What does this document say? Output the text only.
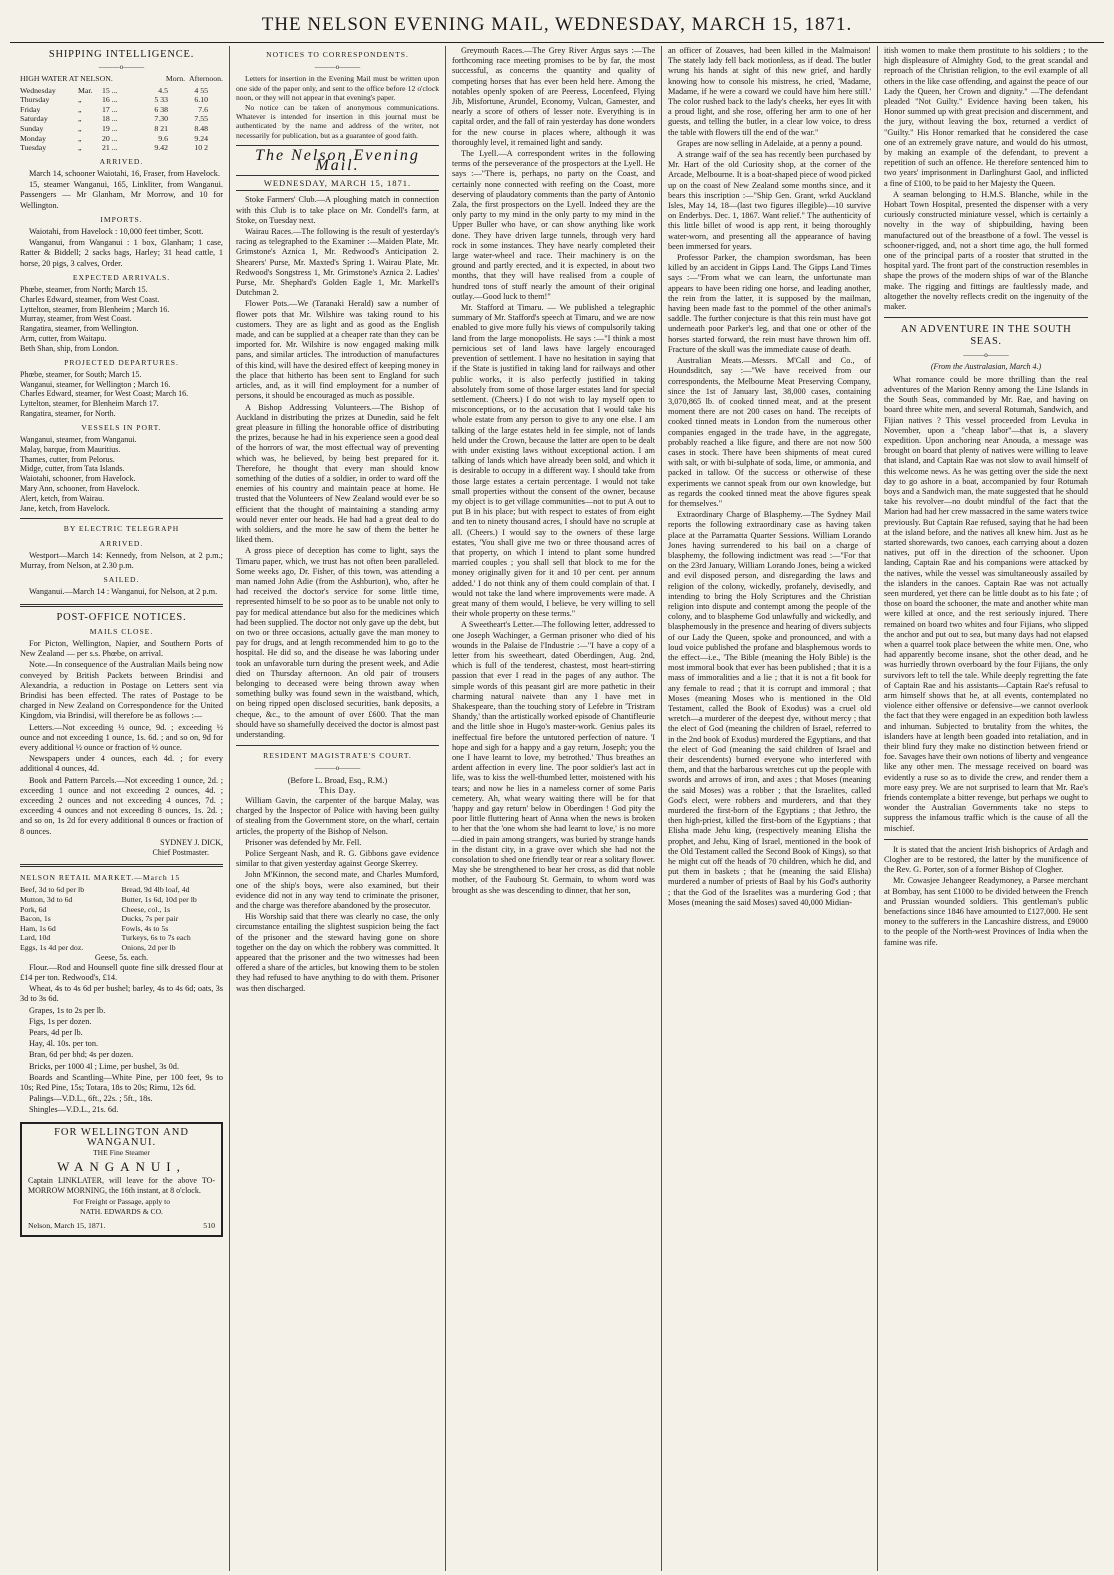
THE NELSON EVENING MAIL, WEDNESDAY, MARCH 15, 1871.
SHIPPING INTELLIGENCE.
———o———
HIGH WATER AT NELSON.	Morn. Afternoon.
Wednesday	Mar.	15 ...	4.5	4 55
Thursday	„	16 ...	5 33	6.10
Friday	„	17 ...	6 38	7.6
Saturday	„	18 ...	7.30	7.55
Sunday	„	19 ...	8 21	8.48
Monday	„	20 ...	9.6	9.24
Tuesday	„	21 ...	9.42	10 2
ARRIVED.

March 14, schooner Waiotahi, 16, Fraser, from Havelock.

15, steamer Wanganui, 165, Linkliter, from Wanganui. Passengers — Mr Glanham, Mr Morrow, and 10 for Wellington.

IMPORTS.

Waiotahi, from Havelock : 10,000 feet timber, Scott.

Wanganui, from Wanganui : 1 box, Glanham; 1 case, Ratter & Biddell; 2 sacks bags, Harley; 31 head cattle, 1 horse, 20 pigs, 3 calves, Order.

EXPECTED ARRIVALS.
Phœbe, steamer, from North; March 15.
Charles Edward, steamer, from West Coast.
Lyttelton, steamer, from Blenheim ; March 16.
Murray, steamer, from West Coast.
Rangatira, steamer, from Wellington.
Arm, cutter, from Waitapu.
Beth Shan, ship, from London.
PROJECTED DEPARTURES.
Phœbe, steamer, for South; March 15.
Wanganui, steamer, for Wellington ; March 16.
Charles Edward, steamer, for West Coast; March 16.
Lyttelton, steamer, for Blenheim March 17.
Rangatira, steamer, for North.
VESSELS IN PORT.
Wanganui, steamer, from Wanganui.
Malay, barque, from Mauritius.
Thames, cutter, from Pelorus.
Midge, cutter, from Tata Islands.
Waiotahi, schooner, from Havelock.
Mary Ann, schooner, from Havelock.
Alert, ketch, from Wairau.
Jane, ketch, from Havelock.
BY ELECTRIC TELEGRAPH
ARRIVED.

Westport—March 14: Kennedy, from Nelson, at 2 p.m.; Murray, from Nelson, at 2.30 p.m.

SAILED.

Wanganui.—March 14 : Wanganui, for Nelson, at 2 p.m.

POST-OFFICE NOTICES.
MAILS CLOSE.

For Picton, Wellington, Napier, and Southern Ports of New Zealand — per s.s. Phœbe, on arrival.

Note.—In consequence of the Australian Mails being now conveyed by British Packets between Brindisi and Alexandria, a reduction in Postage on Letters sent via Brindisi has been effected. The rates of Postage to be charged in New Zealand on Correspondence for the United Kingdom, via Brindisi, will therefore be as follows :—

Letters.—Not exceeding ½ ounce, 9d. ; exceeding ½ ounce and not exceeding 1 ounce, 1s. 6d. ; and so on, 9d for every additional ½ ounce or fraction of ½ ounce.

Newspapers under 4 ounces, each 4d. ; for every additional 4 ounces, 4d.

Book and Pattern Parcels.—Not exceeding 1 ounce, 2d. ; exceeding 1 ounce and not exceeding 2 ounces, 4d. ; exceeding 2 ounces and not exceeding 4 ounces, 7d. ; exceeding 4 ounces and not exceeding 8 ounces, 1s. 2d. ; and so on, 1s 2d for every additional 8 ounces or fraction of 8 ounces.

SYDNEY J. DICK,
Chief Postmaster.
NELSON RETAIL MARKET.—March 15
Beef, 3d to 6d per lb	Bread, 9d 4lb loaf, 4d
Mutton, 3d to 6d	Butter, 1s 6d, 10d per lb
Pork, 6d	Cheese, col., 1s
Bacon, 1s	Ducks, 7s per pair
Ham, 1s 6d	Fowls, 4s to 5s
Lard, 10d	Turkeys, 6s to 7s each
Eggs, 1s 4d per doz.	Onions, 2d per lb
Geese, 5s. each.

Flour.—Rod and Hounsell quote fine silk dressed flour at £14 per ton. Redwood's, £14.

Wheat, 4s to 4s 6d per bushel; barley, 4s to 4s 6d; oats, 3s 3d to 3s 6d.

Grapes, 1s to 2s per lb.

Figs, 1s per dozen.

Pears, 4d per lb.

Hay, 4l. 10s. per ton.

Bran, 6d per bhd; 4s per dozen.

Bricks, per 1000 4l ; Lime, per bushel, 3s 0d.

Boards and Scantling—White Pine, per 100 feet, 9s to 10s; Red Pine, 15s; Totara, 18s to 20s; Rimu, 12s 6d.

Palings—V.D.L., 6ft., 22s. ; 5ft., 18s.

Shingles—V.D.L., 21s. 6d.

FOR WELLINGTON AND WANGANUI.
THE Fine Steamer
WANGANUI,

Captain LINKLATER, will leave for the above TO-MORROW MORNING, the 16th instant, at 8 o'clock.

For Freight or Passage, apply to
NATH. EDWARDS & CO.
Nelson, March 15, 1871.	510
NOTICES TO CORRESPONDENTS.
———o———

Letters for insertion in the Evening Mail must be written upon one side of the paper only, and sent to the office before 12 o'clock noon, or they will not appear in that evening's paper.

No notice can be taken of anonymous communications. Whatever is intended for insertion in this journal must be authenticated by the name and address of the writer, not necessarily for publication, but as a guarantee of good faith.

The Nelson Evening Mail.
WEDNESDAY, MARCH 15, 1871.

Stoke Farmers' Club.—A ploughing match in connection with this Club is to take place on Mr. Condell's farm, at Stoke, on Tuesday next.

Wairau Races.—The following is the result of yesterday's racing as telegraphed to the Examiner :—Maiden Plate, Mr. Grimstone's Aznica 1, Mr. Redwood's Anticipation 2. Shearers' Purse, Mr. Maxted's Spring 1. Wairau Plate, Mr. Redwood's Songstress 1, Mr. Grimstone's Aznica 2. Ladies' Purse, Mr. Shephard's Golden Eagle 1, Mr. Markell's Dutchman 2.

Flower Pots.—We (Taranaki Herald) saw a number of flower pots that Mr. Wilshire was taking round to his customers. They are as light and as good as the English made, and can be supplied at a cheaper rate than they can be imported for. Mr. Wilshire is now engaged making milk pans, and similar articles. The introduction of manufactures of this kind, will have the desired effect of keeping money in the place that hitherto has been sent to England for such articles, and, as it will find employment for a number of persons, it should be encouraged as much as possible.

A Bishop Addressing Volunteers.—The Bishop of Auckland in distributing the prizes at Dunedin, said he felt great pleasure in filling the honorable office of distributing the prizes, because he had in his experience seen a good deal of the horrors of war, the most effectual way of preventing which was, he believed, by being best prepared for it. Therefore, he thought that every man should know something of the duties of a soldier, in order to ward off the enemies of his country and maintain peace at home. He trusted that the Volunteers of New Zealand would ever be so efficient that the thought of maintaining a standing army would never enter our heads. He had had a great deal to do with soldiers, and the more he saw of them the better he liked them.

A gross piece of deception has come to light, says the Timaru paper, which, we trust has not often been paralleled. Some weeks ago, Dr. Fisher, of this town, was attending a man named John Adie (from the Ashburton), who, after he had received the doctor's service for some little time, represented himself to be so poor as to be unable not only to pay for medical attendance but also for the medicines which had been supplied. The doctor not only gave up the debt, but on two or three occasions, actually gave the man money to pay for drugs, and at length recommended him to go to the hospital. He did so, and the disease he was laboring under took an unfavorable turn during the present week, and Adie died on Thursday afternoon. An old pair of trousers belonging to deceased were being thrown away when something bulky was found sewn in the waistband, which, on being ripped open disclosed securities, bank deposits, a cheque, &c., to the amount of over £600. That the man should have so shamefully deceived the doctor is almost past understanding.

RESIDENT MAGISTRATE'S COURT.
———o———
(Before L. Broad, Esq., R.M.)
This Day.

William Gavin, the carpenter of the barque Malay, was charged by the Inspector of Police with having been guilty of stealing from the Government store, on the wharf, certain articles, the property of the Bishop of Nelson.

Prisoner was defended by Mr. Fell.

Police Sergeant Nash, and R. G. Gibbons gave evidence similar to that given yesterday against George Skerrey.

John M'Kinnon, the second mate, and Charles Mumford, one of the ship's boys, were also examined, but their evidence did not in any way tend to criminate the prisoner, and the charge was therefore abandoned by the prosecutor.

His Worship said that there was clearly no case, the only circumstance entailing the slightest suspicion being the fact of the prisoner and the steward having gone on shore together on the day on which the robbery was committed. It appeared that the prisoner and the two witnesses had been offered a share of the articles, but knowing them to be stolen they had refused to have anything to do with them. Prisoner was then discharged.

Greymouth Races.—The Grey River Argus says :—The forthcoming race meeting promises to be by far, the most successful, as concerns the quantity and quality of competing horses that has ever been held here. Among the notables openly spoken of are Peeress, Locenfeed, Flying Jib, Misfortune, Arundel, Economy, Vulcan, Gamester, and nearly a score of others of lesser note. Everything is in capital order, and the fall of rain yesterday has done wonders for the new course in places where, although it was thoroughly level, it remained light and sandy.

The Lyell.—A correspondent writes in the following terms of the perseverance of the prospectors at the Lyell. He says :—"There is, perhaps, no party on the Coast, and certainly none connected with reefing on the Coast, more deserving of plaudatory comments than the party of Antonio Zala, the first prospectors on the Lyell. Indeed they are the only party to my mind in the only party to my mind in the Upper Buller who have, or can show anything like work done. They have driven large tunnels, through very hard rock in some instances. They have nearly completed their large water-wheel and race. Their machinery is on the ground and partly erected, and it is expected, in about two months, that they will have realised from a couple of hundred tons of stuff nearly the amount of their original outlay.—Good luck to them!"

Mr. Stafford at Timaru. — We published a telegraphic summary of Mr. Stafford's speech at Timaru, and we are now enabled to give more fully his views of compulsorily taking land from the large monopolists. He says :—"I think a most pernicious set of land laws have largely encouraged prevention of settlement. I have no hesitation in saying that if the State is justified in taking land for railways and other public works, it is also perfectly justified in taking absolutely from some of those larger estates land for special settlement. (Cheers.) I do not wish to lay myself open to misconceptions, or to the accusation that I would take his whole estate from any person to give to any one else. I am talking of the large estates held in fee simple, not of lands held under the Crown, because the latter are open to be dealt with under existing laws without exceptional action. I am talking of lands which have already been sold, and which it is desirable to occupy in a different way. I should take from those large estates a certain percentage. I would not take small properties without the consent of the owner, because my object is to get village communities—not to put A out to put B in his place; but with respect to estates of from eight and ten to ninety thousand acres, I should have no scruple at all. (Cheers.) I would say to the owners of these large estates, 'You shall give me two or three thousand acres of that property, on which I intend to plant some hundred married couples ; you shall sell that block to me for the money originally given for it and 10 per cent. per annum added.' I do not think any of them could complain of that. I would not take the land where improvements were made. A great many of them would, I believe, be very willing to sell their whole property on these terms."

A Sweetheart's Letter.—The following letter, addressed to one Joseph Wachinger, a German prisoner who died of his wounds in the Palaise de l'Industrie :—"I have a copy of a letter from his sweetheart, dated Oberdingen, Aug. 2nd, which is full of the tenderest, chastest, most heart-stirring passion that ever I read in the pages of any author. The simple words of this peasant girl are more pathetic in their charming natural naivete than any I have met in Shakespeare, than the touching story of Lefebre in 'Tristram Shandy,' than the artistically worked episode of Chantifleurie and the little shoe in Hugo's master-work. Genius pales its ineffectual fire before the untutored perfection of nature. 'I hope and sigh for a happy and a gay return, Joseph; you the one I have learnt to love, my betrothed.' Thus breathes an ardent affection in every line. The poor soldier's last act in life, was to kiss the well-thumbed letter, moistened with his tears; and now he lies in a nameless corner of some Paris cemetery. Ah, what weary waiting there will be for that 'happy and gay return' below in Oberdingen ! God pity the poor little fluttering heart of Anna when the news is broken to her that the 'one whom she had learnt to love,' is no more—died in pain among strangers, was buried by strange hands in the distant city, in a grave over which she had not the consolation to shed one friendly tear or rear a solitary flower. May she be strengthened to bear her cross, as did that noble mother, of the Faubourg St. Germain, to whom word was brought as she was descending to dinner, that her son,

an officer of Zouaves, had been killed in the Malmaison! The stately lady fell back motionless, as if dead. The butler wrung his hands at sight of this new grief, and hardly knowing how to console his mistress, he cried, 'Madame, Madame, if he were a coward we could have him here still.' The color rushed back to the lady's cheeks, her eyes lit with a proud light, and she rose, offering her arm to one of her guests, and telling the butler, in a clear low voice, to dress the table with flowers till the end of the war."

Grapes are now selling in Adelaide, at a penny a pound.

A strange waif of the sea has recently been purchased by Mr. Hart of the old Curiosity shop, at the corner of the Arcade, Melbourne. It is a boat-shaped piece of wood picked up on the coast of New Zealand some months since, and it bears this inscription :—"Ship Gen. Grant, wrkd Auckland Isles, May 14, 18—(last two figures illegible)—10 survive on Enderbys. Dec. 1, 1867. Want relief." The authenticity of this little billet of wood is app rent, it being thoroughly water-worn, and presenting all the appearance of having been immersed for years.

Professor Parker, the champion swordsman, has been killed by an accident in Gipps Land. The Gipps Land Times says :—"From what we can learn, the unfortunate man appears to have been riding one horse, and leading another, the rein from the latter, it is supposed by the mailman, having been made fast to the pommel of the other animal's saddle. The further conjecture is that this rein must have got underneath poor Parker's leg, and that one or other of the horses started forward, the rein must have thrown him off. Fracture of the skull was the immediate cause of death.

Australian Meats.—Messrs. M'Call and Co., of Houndsditch, say :—"We have received from our correspondents, the Melbourne Meat Preserving Company, since the 1st of January last, 38,000 cases, containing 3,070,865 lb. of cooked tinned meat, and at the present moment there are not 200 cases on hand. The receipts of cooked tinned meats in London from the numerous other companies engaged in the trade have, in the aggregate, probably reached a like figure, and there are not now 500 cases in stock. There have been shipments of meat cured with salt, or with bi-sulphate of soda, lime, or ammonia, and packed in tallow. Of the success or otherwise of these experiments we cannot speak from our own knowledge, but as regards the cooked tinned meat the above figures speak for themselves."

Extraordinary Charge of Blasphemy.—The Sydney Mail reports the following extraordinary case as having taken place at the Parramatta Quarter Sessions. William Lorando Jones having surrendered to his bail on a charge of blasphemy, the following indictment was read :—"For that on the 23rd January, William Lorando Jones, being a wicked and evil disposed person, and disregarding the laws and religion of the colony, wickedly, profanely, devisedly, and intending to bring the Holy Scriptures and the Christian religion into dispute and contempt among the people of the colony, and to blaspheme God unlawfully and wickedly, and blasphemously in the presence and hearing of divers subjects of our Lady the Queen, spoke and pronounced, and with a loud voice published the profane and blasphemous words to the effect—i.e., 'The Bible (meaning the Holy Bible) is the most immoral book that ever has been published ; that it is a mass of immoralities and a lie ; that it is not a fit book for any female to read ; that it is corrupt and immoral ; that Moses (meaning Moses who is mentioned in the Old Testament, called the Book of Exodus) was a cruel old wretch—a murderer of the deepest dye, without mercy ; that the elect of God (meaning the children of Israel, referred to in the 2nd book of Exodus) murdered the Egyptians, and that the elect of God (meaning the said children of Israel and their descendents) burned everyone who interfered with them, and that the barbarous wretches cut up the people with swords and arrows of iron, and axes ; that Moses (meaning the said Moses) was a robber ; that the Israelites, called God's elect, were robbers and murderers, and that they murdered the first-born of the Egyptians ; that Jethro, the then high-priest, killed the first-born of the Egyptians ; that Elisha made Jehu king, (respectively meaning Elisha the prophet, and Jehu, King of Israel, mentioned in the book of the Old Testament called the Second Book of Kings), so that he might cut off the heads of 70 children, which he did, and put them in baskets ; that he (meaning the said Elisha) murdered a number of priests of Baal by his God's authority ; that the God of the Israelites was a murdering God ; that Moses (meaning the said Moses) saved 40,000 Midian-

itish women to make them prostitute to his soldiers ; to the high displeasure of Almighty God, to the great scandal and reproach of the Christian religion, to the evil example of all others in the like case offending, and against the peace of our Lady the Queen, her Crown and dignity." —The defendant pleaded "Not Guilty." Evidence having been taken, his Honor summed up with great precision and discernment, and the jury, without leaving the box, returned a verdict of "Guilty." His Honor remarked that he considered the case one of an extremely grave nature, and would do his utmost, by making an example of the defendant, to prevent a repetition of such an offence. He therefore sentenced him to two years' imprisonment in Darlinghurst Gaol, and inflicted a fine of £100, to be paid to her Majesty the Queen.

A seaman belonging to H.M.S. Blanche, while in the Hobart Town Hospital, presented the dispenser with a very curiously constructed miniature vessel, which is certainly a novelty in the way of shipbuilding, having been manufactured out of the breastbone of a fowl. The vessel is schooner-rigged, and, not a short time ago, the hull formed one of the principal parts of a rooster that strutted in the hospital yard. The front part of the construction resembles in shape the prows of the modern ships of war of the Blanche make. The rigging and fittings are faultlessly made, and altogether the novelty reflects credit on the ingenuity of the maker.

AN ADVENTURE IN THE SOUTH SEAS.
———o———
(From the Australasian, March 4.)

What romance could be more thrilling than the real adventures of the Marion Renny among the Line Islands in the South Seas, commanded by Mr. Rae, and having on board three white men, and several Rotumah, Sandwich, and Fijian natives ? This vessel proceeded from Levuka in November, upon a "cheap labor"—that is, a slavery expedition. Upon anchoring near Anouda, a message was brought on board that plenty of natives were willing to leave that island, and Captain Rae was not slow to avail himself of this welcome news. As he was getting over the side the next day to go ashore in a boat, accompanied by four Rotumah boys and a Sandwich man, the mate suggested that he should take his revolver—no doubt mindful of the fact that the Marion had had her crew massacred in the same waters twice previously. But Captain Rae refused, saying that he had been at the island before, and the natives all knew him. Just as he started shorewards, two canoes, each carrying about a dozen natives, put off in the direction of the schooner. Upon landing, Captain Rae and his companions were attacked by the natives, while the vessel was simultaneously assailed by the islanders in the canoes. Captain Rae was not actually seen murdered, yet there can be little doubt as to his fate ; of those on board the schooner, the mate and another white man were killed at once, and the rest seriously injured. There remained on board two whites and four Fijians, who slipped the anchor and put out to sea, but many days had not elapsed when a quarrel took place between the white men. One, who had apparently become insane, shot the other dead, and he was hurriedly thrown overboard by the four Fijians, the only survivors left to tell the tale. While deeply regretting the fate of Captain Rae and his assistants—Captain Rae's refusal to arm himself shows that he, at all events, contemplated no violence either offensive or defensive—we cannot overlook the fact that they were engaged in an expedition both lawless and inhuman. Subjected to brutality from the whites, the islanders have at length been goaded into retaliation, and in their blind fury they make no distinction between friend or foe. Savages have their own notions of liberty and vengeance like any other men. The message received on board was evidently a ruse so as to divide the crew, and render them a more easy prey. We are not surprised to learn that Mr. Rae's friends contemplate a bitter revenge, but perhaps we ought to wonder the Australian Governments take no steps to suppress the infamous traffic which is the cause of all the mischief.

It is stated that the ancient Irish bishoprics of Ardagh and Clogher are to be restored, the latter by the munificence of the Rev. G. Porter, son of a former Bishop of Clogher.

Mr. Cowasjee Jehangeer Readymoney, a Parsee merchant at Bombay, has sent £1000 to be divided between the French and Prussian wounded soldiers. This gentleman's public benefactions since 1846 have amounted to £127,000. He sent money to the sufferers in the Lancashire distress, and £9000 to the people of the North-west Provinces of India when the famine was rife.
